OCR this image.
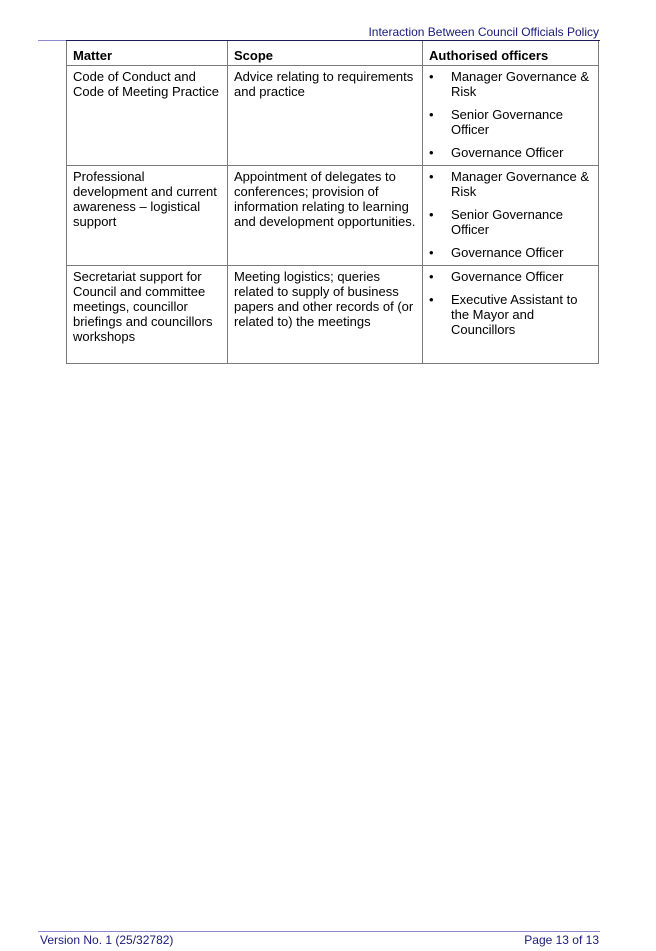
Interaction Between Council Officials Policy
Matter	Scope	Authorised officers
Code of Conduct and Code of Meeting Practice	Advice relating to requirements and practice	
• Manager Governance & Risk
• Senior Governance Officer
• Governance Officer

Professional development and current awareness – logistical support	Appointment of delegates to conferences; provision of information relating to learning and development opportunities.	
• Manager Governance & Risk
• Senior Governance Officer
• Governance Officer

Secretariat support for Council and committee meetings, councillor briefings and councillors workshops	Meeting logistics; queries related to supply of business papers and other records of (or related to) the meetings	
• Governance Officer
• Executive Assistant to the Mayor and Councillors
Version No. 1 (25/32782)	Page 13 of 13
